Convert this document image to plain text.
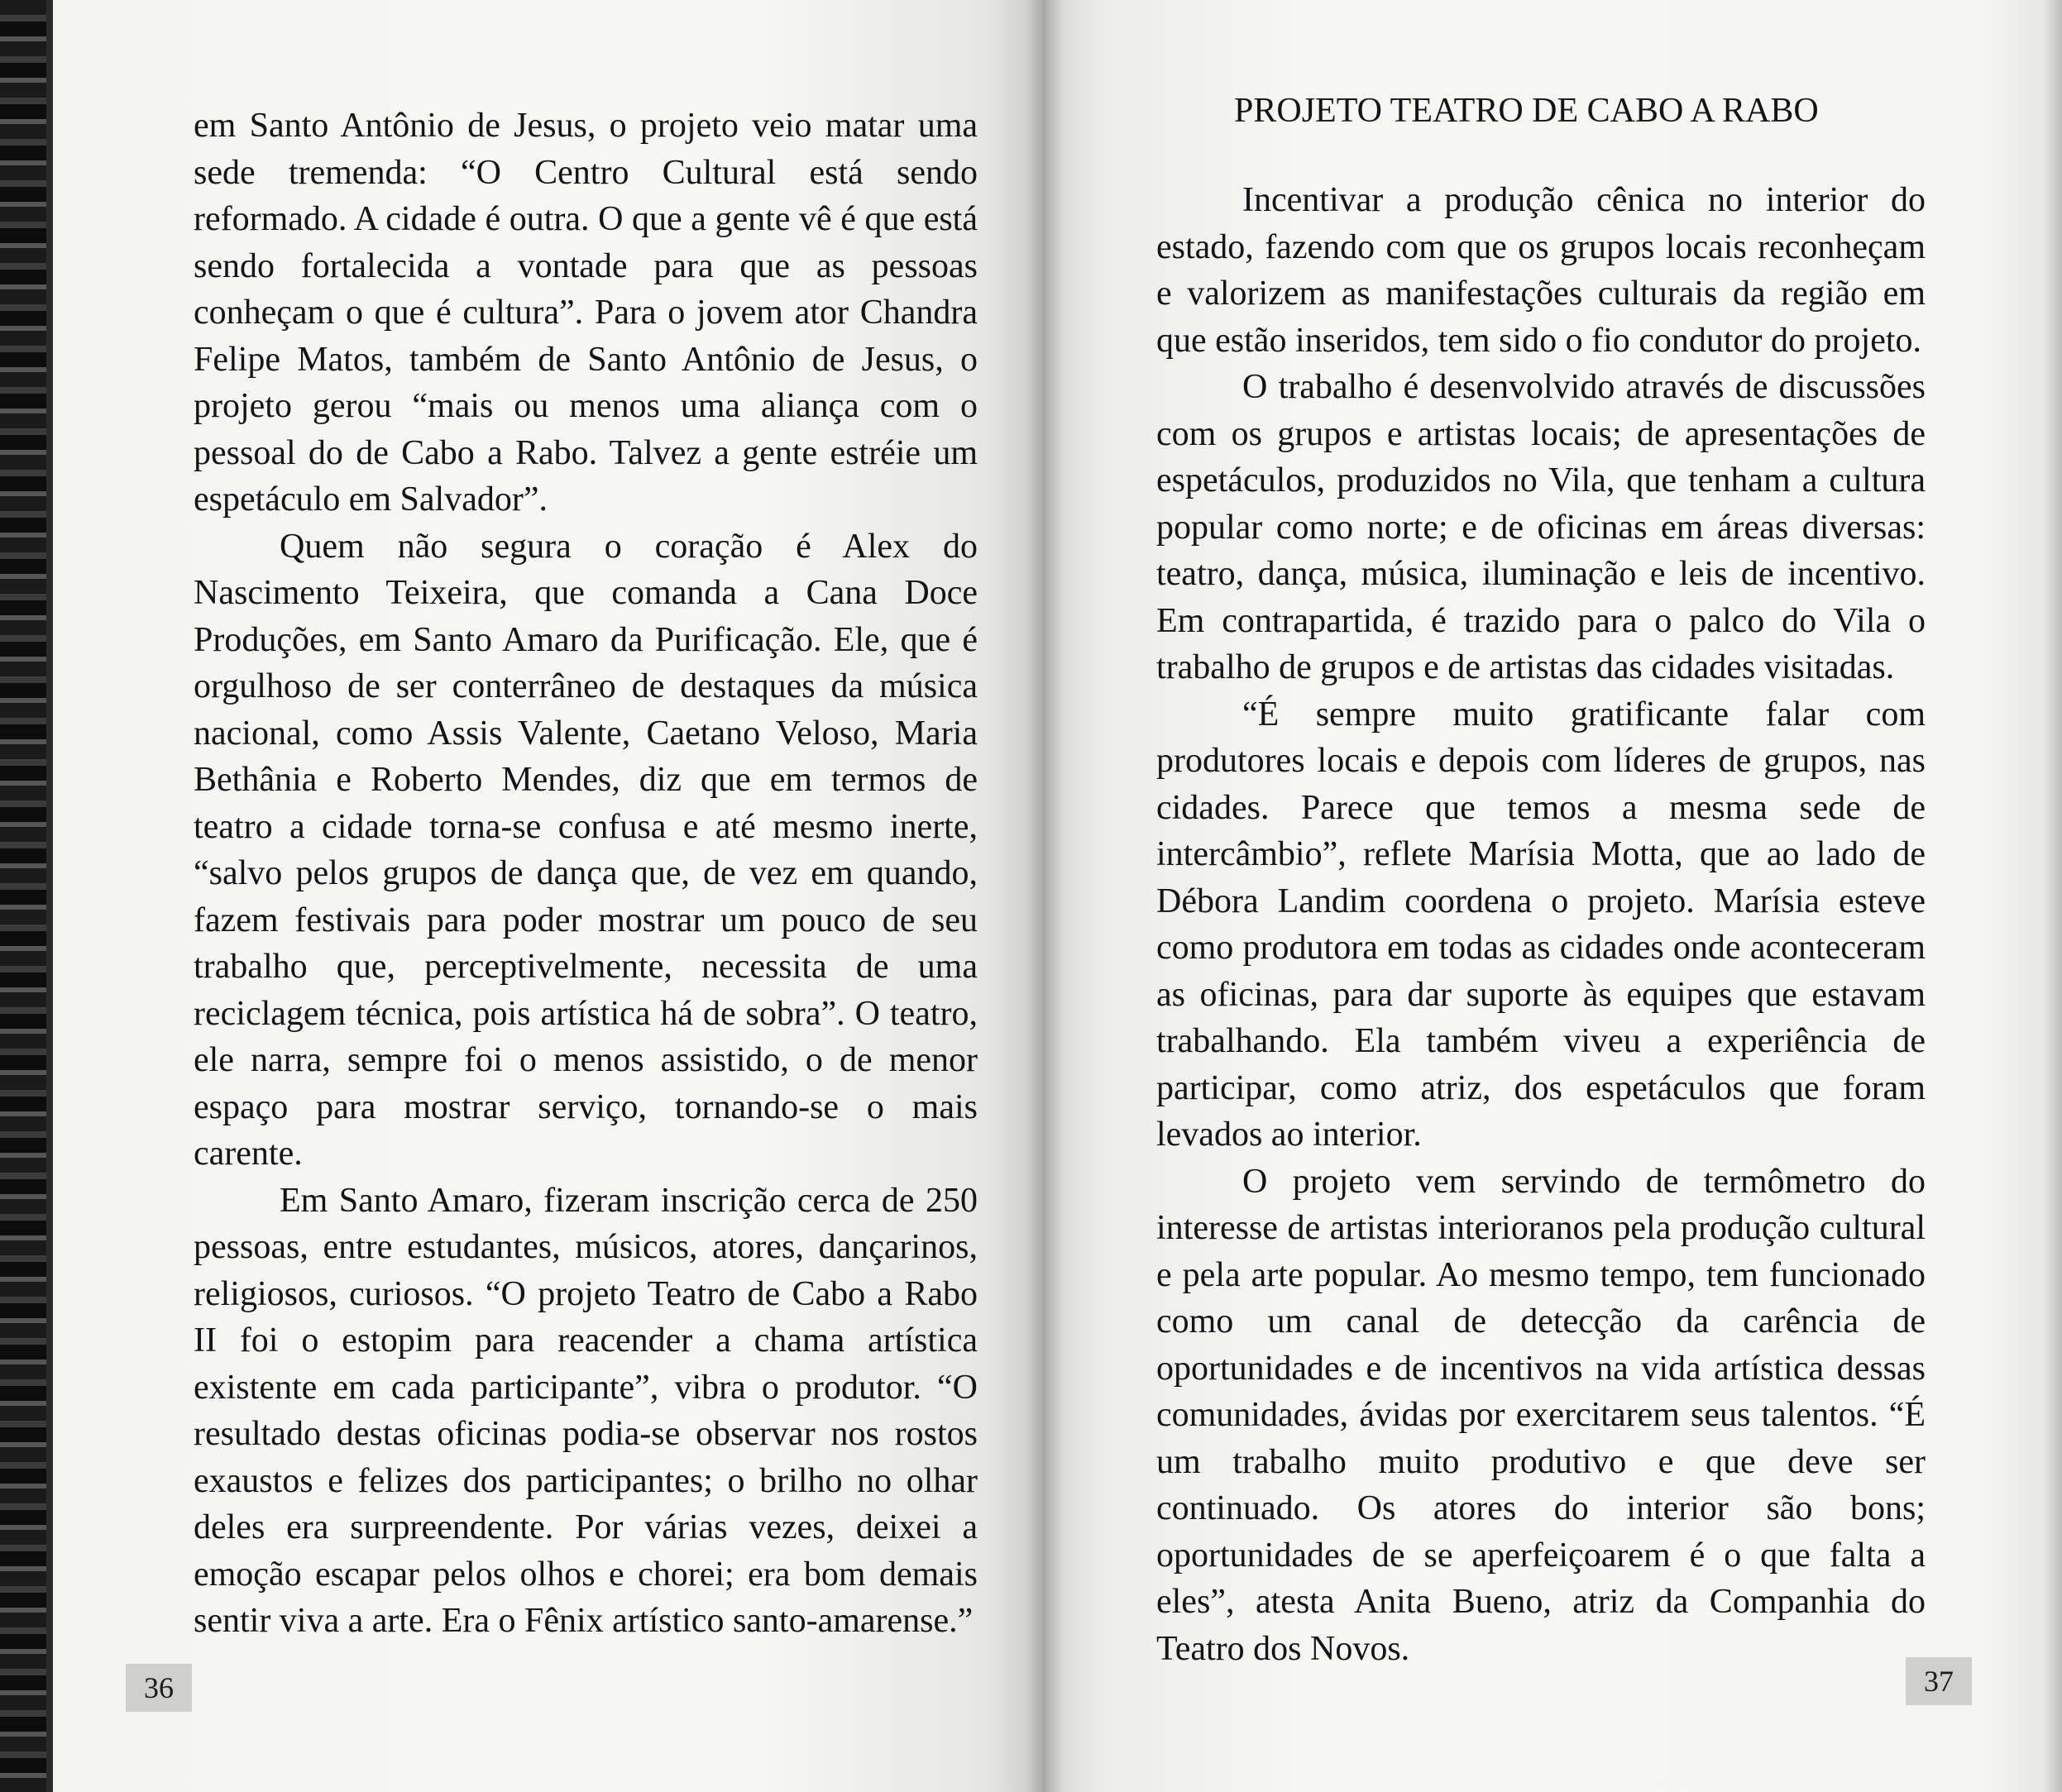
em Santo Antônio de Jesus, o projeto veio matar uma sede tremenda: “O Centro Cultural está sendo reformado. A cidade é outra. O que a gente vê é que está sendo fortalecida a vontade para que as pessoas conheçam o que é cultura”. Para o jovem ator Chandra Felipe Matos, também de Santo Antônio de Jesus, o projeto gerou “mais ou menos uma aliança com o pessoal do de Cabo a Rabo. Talvez a gente estréie um espetáculo em Salvador”.

Quem não segura o coração é Alex do Nascimento Teixeira, que comanda a Cana Doce Produções, em Santo Amaro da Purificação. Ele, que é orgulhoso de ser conterrâneo de destaques da música nacional, como Assis Valente, Caetano Veloso, Maria Bethânia e Roberto Mendes, diz que em termos de teatro a cidade torna-se confusa e até mesmo inerte, “salvo pelos grupos de dança que, de vez em quando, fazem festivais para poder mostrar um pouco de seu trabalho que, perceptivelmente, necessita de uma reciclagem técnica, pois artística há de sobra”. O teatro, ele narra, sempre foi o menos assistido, o de menor espaço para mostrar serviço, tornando-se o mais carente.

Em Santo Amaro, fizeram inscrição cerca de 250 pessoas, entre estudantes, músicos, atores, dançarinos, religiosos, curiosos. “O projeto Teatro de Cabo a Rabo II foi o estopim para reacender a chama artística existente em cada participante”, vibra o produtor. “O resultado destas oficinas podia-se observar nos rostos exaustos e felizes dos participantes; o brilho no olhar deles era surpreendente. Por várias vezes, deixei a emoção escapar pelos olhos e chorei; era bom demais sentir viva a arte. Era o Fênix artístico santo-amarense.”

36
PROJETO TEATRO DE CABO A RABO

Incentivar a produção cênica no interior do estado, fazendo com que os grupos locais reconheçam e valorizem as manifestações culturais da região em que estão inseridos, tem sido o fio condutor do projeto.

O trabalho é desenvolvido através de discussões com os grupos e artistas locais; de apresentações de espetáculos, produzidos no Vila, que tenham a cultura popular como norte; e de oficinas em áreas diversas: teatro, dança, música, iluminação e leis de incentivo. Em contrapartida, é trazido para o palco do Vila o trabalho de grupos e de artistas das cidades visitadas.

“É sempre muito gratificante falar com produtores locais e depois com líderes de grupos, nas cidades. Parece que temos a mesma sede de intercâmbio”, reflete Marísia Motta, que ao lado de Débora Landim coordena o projeto. Marísia esteve como produtora em todas as cidades onde aconteceram as oficinas, para dar suporte às equipes que estavam trabalhando. Ela também viveu a experiência de participar, como atriz, dos espetáculos que foram levados ao interior.

O projeto vem servindo de termômetro do interesse de artistas interioranos pela produção cultural e pela arte popular. Ao mesmo tempo, tem funcionado como um canal de detecção da carência de oportunidades e de incentivos na vida artística dessas comunidades, ávidas por exercitarem seus talentos. “É um trabalho muito produtivo e que deve ser continuado. Os atores do interior são bons; oportunidades de se aperfeiçoarem é o que falta a eles”, atesta Anita Bueno, atriz da Companhia do Teatro dos Novos.

37
